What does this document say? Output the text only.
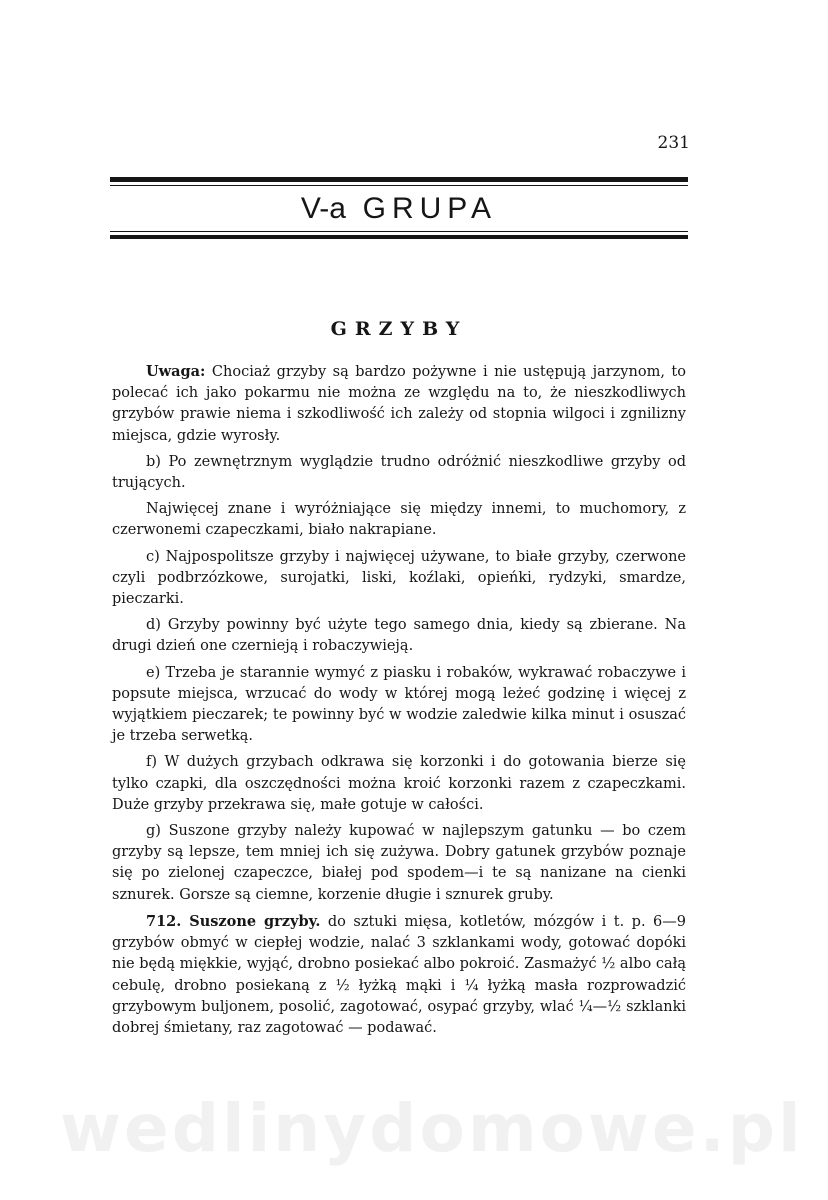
231
V-a GRUPA
GRZYBY

Uwaga: Chociaż grzyby są bardzo pożywne i nie ustępują jarzynom, to polecać ich jako pokarmu nie można ze względu na to, że nieszkodliwych grzybów prawie niema i szkodliwość ich zależy od stopnia wilgoci i zgnilizny miejsca, gdzie wyrosły.

b) Po zewnętrznym wyglądzie trudno odróżnić nieszkodliwe grzyby od trujących.

Najwięcej znane i wyróżniające się między innemi, to muchomory, z czerwonemi czapeczkami, biało nakrapiane.

c) Najpospolitsze grzyby i najwięcej używane, to białe grzyby, czerwone czyli podbrzózkowe, surojatki, liski, koźlaki, opieńki, rydzyki, smardze, pieczarki.

d) Grzyby powinny być użyte tego samego dnia, kiedy są zbierane. Na drugi dzień one czernieją i robaczywieją.

e) Trzeba je starannie wymyć z piasku i robaków, wykrawać robaczywe i popsute miejsca, wrzucać do wody w której mogą leżeć godzinę i więcej z wyjątkiem pieczarek; te powinny być w wodzie zaledwie kilka minut i osuszać je trzeba serwetką.

f) W dużych grzybach odkrawa się korzonki i do gotowania bierze się tylko czapki, dla oszczędności można kroić korzonki razem z czapeczkami. Duże grzyby przekrawa się, małe gotuje w całości.

g) Suszone grzyby należy kupować w najlepszym gatunku — bo czem grzyby są lepsze, tem mniej ich się zużywa. Dobry gatunek grzybów poznaje się po zielonej czapeczce, białej pod spodem—i te są nanizane na cienki sznurek. Gorsze są ciemne, korzenie długie i sznurek gruby.

712. Suszone grzyby. do sztuki mięsa, kotletów, mózgów i t. p. 6—9 grzybów obmyć w ciepłej wodzie, nalać 3 szklankami wody, gotować dopóki nie będą miękkie, wyjąć, drobno posiekać albo pokroić. Zasmażyć ½ albo całą cebulę, drobno posiekaną z ½ łyżką mąki i ¼ łyżką masła rozprowadzić grzybowym buljonem, posolić, zagotować, osypać grzyby, wlać ¼—½ szklanki dobrej śmietany, raz zagotować — podawać.

wedlinydomowe.pl
